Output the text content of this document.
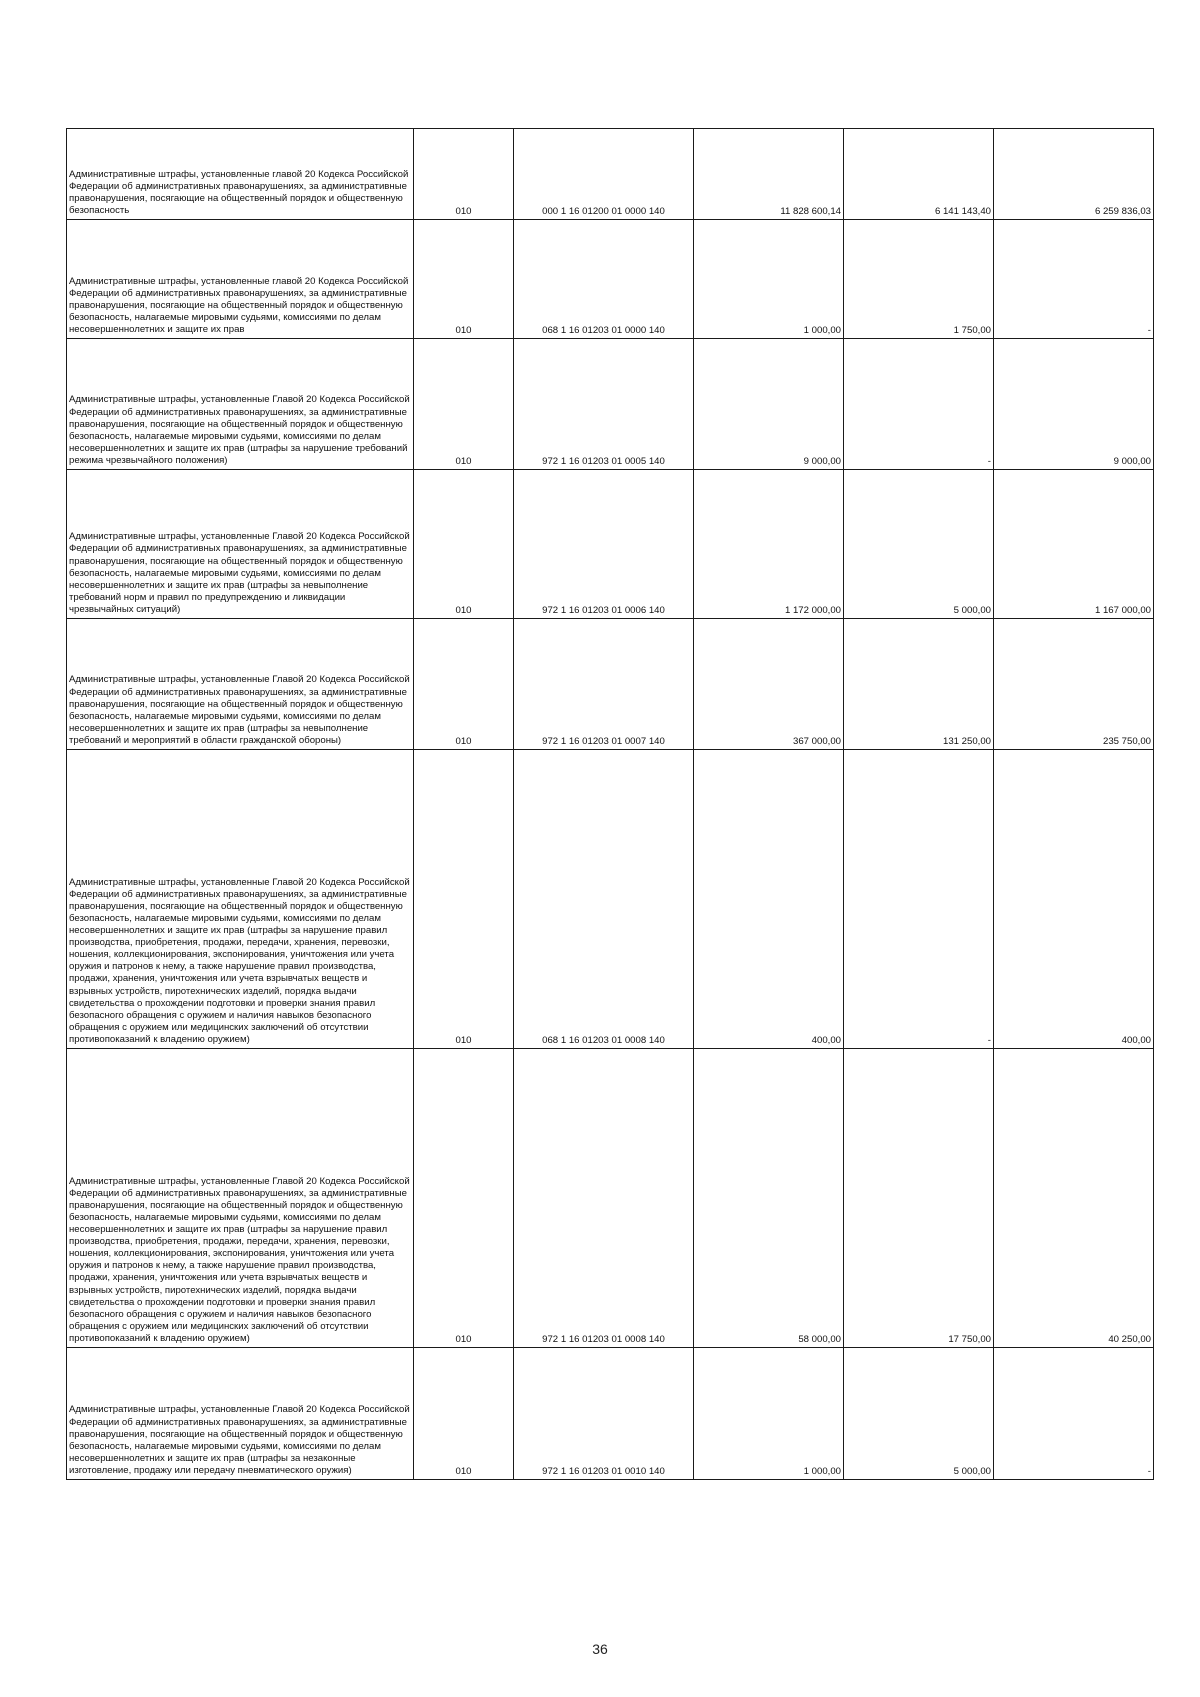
Административные штрафы, установленные главой 20 Кодекса Российской Федерации об административных правонарушениях, за административные правонарушения, посягающие на общественный порядок и общественную безопасность	010	000 1 16 01200 01 0000 140	11 828 600,14	6 141 143,40	6 259 836,03

Административные штрафы, установленные главой 20 Кодекса Российской Федерации об административных правонарушениях, за административные правонарушения, посягающие на общественный порядок и общественную безопасность, налагаемые мировыми судьями, комиссиями по делам несовершеннолетних и защите их прав	010	068 1 16 01203 01 0000 140	1 000,00	1 750,00	-

Административные штрафы, установленные Главой 20 Кодекса Российской Федерации об административных правонарушениях, за административные правонарушения, посягающие на общественный порядок и общественную безопасность, налагаемые мировыми судьями, комиссиями по делам несовершеннолетних и защите их прав (штрафы за нарушение требований режима чрезвычайного положения)	010	972 1 16 01203 01 0005 140	9 000,00	-	9 000,00

Административные штрафы, установленные Главой 20 Кодекса Российской Федерации об административных правонарушениях, за административные правонарушения, посягающие на общественный порядок и общественную безопасность, налагаемые мировыми судьями, комиссиями по делам несовершеннолетних и защите их прав (штрафы за невыполнение требований норм и правил по предупреждению и ликвидации чрезвычайных ситуаций)	010	972 1 16 01203 01 0006 140	1 172 000,00	5 000,00	1 167 000,00

Административные штрафы, установленные Главой 20 Кодекса Российской Федерации об административных правонарушениях, за административные правонарушения, посягающие на общественный порядок и общественную безопасность, налагаемые мировыми судьями, комиссиями по делам несовершеннолетних и защите их прав (штрафы за невыполнение требований и мероприятий в области гражданской обороны)	010	972 1 16 01203 01 0007 140	367 000,00	131 250,00	235 750,00

Административные штрафы, установленные Главой 20 Кодекса Российской Федерации об административных правонарушениях, за административные правонарушения, посягающие на общественный порядок и общественную безопасность, налагаемые мировыми судьями, комиссиями по делам несовершеннолетних и защите их прав (штрафы за нарушение правил производства, приобретения, продажи, передачи, хранения, перевозки, ношения, коллекционирования, экспонирования, уничтожения или учета оружия и патронов к нему, а также нарушение правил производства, продажи, хранения, уничтожения или учета взрывчатых веществ и взрывных устройств, пиротехнических изделий, порядка выдачи свидетельства о прохождении подготовки и проверки знания правил безопасного обращения с оружием и наличия навыков безопасного обращения с оружием или медицинских заключений об отсутствии противопоказаний к владению оружием)	010	068 1 16 01203 01 0008 140	400,00	-	400,00

Административные штрафы, установленные Главой 20 Кодекса Российской Федерации об административных правонарушениях, за административные правонарушения, посягающие на общественный порядок и общественную безопасность, налагаемые мировыми судьями, комиссиями по делам несовершеннолетних и защите их прав (штрафы за нарушение правил производства, приобретения, продажи, передачи, хранения, перевозки, ношения, коллекционирования, экспонирования, уничтожения или учета оружия и патронов к нему, а также нарушение правил производства, продажи, хранения, уничтожения или учета взрывчатых веществ и взрывных устройств, пиротехнических изделий, порядка выдачи свидетельства о прохождении подготовки и проверки знания правил безопасного обращения с оружием и наличия навыков безопасного обращения с оружием или медицинских заключений об отсутствии противопоказаний к владению оружием)	010	972 1 16 01203 01 0008 140	58 000,00	17 750,00	40 250,00

Административные штрафы, установленные Главой 20 Кодекса Российской Федерации об административных правонарушениях, за административные правонарушения, посягающие на общественный порядок и общественную безопасность, налагаемые мировыми судьями, комиссиями по делам несовершеннолетних и защите их прав (штрафы за незаконные изготовление, продажу или передачу пневматического оружия)	010	972 1 16 01203 01 0010 140	1 000,00	5 000,00	-
36
